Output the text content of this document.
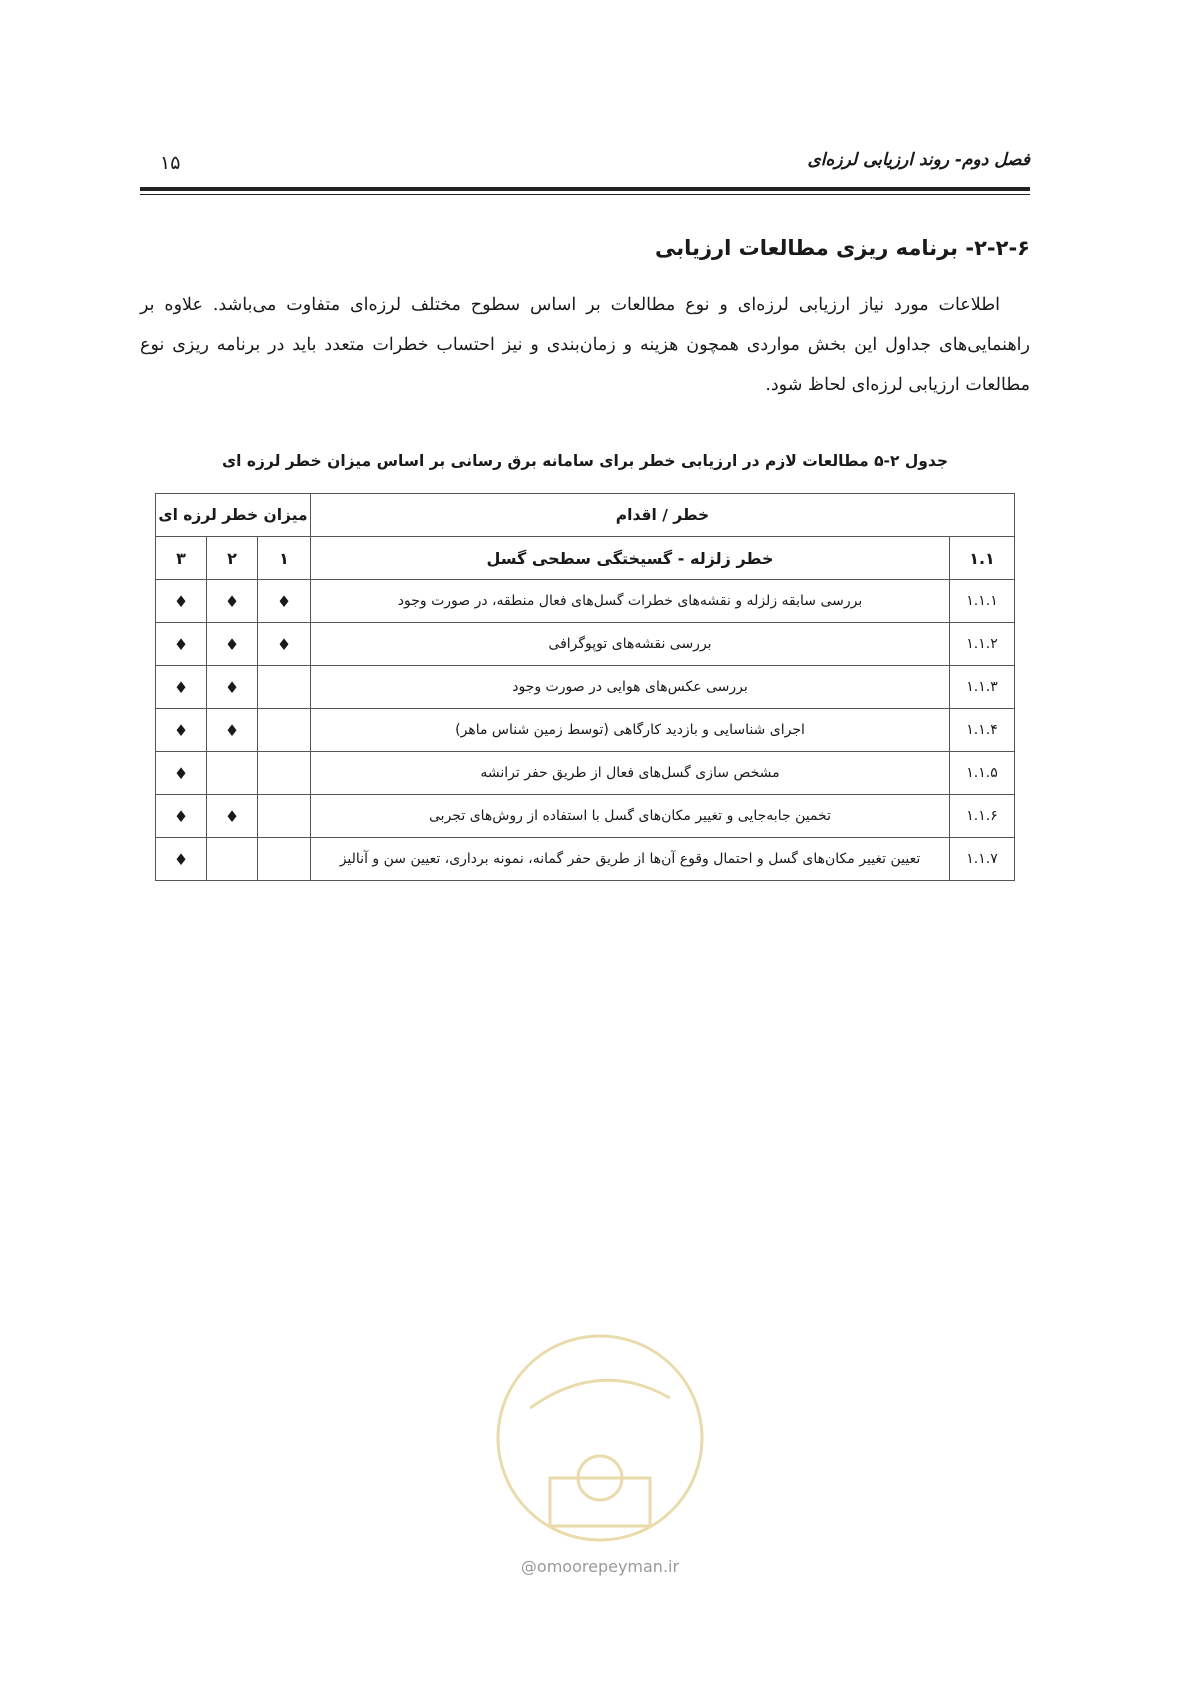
فصل دوم- روند ارزیابی لرزه‌ای
۱۵
۲-۲-۶- برنامه ریزی مطالعات ارزیابی
اطلاعات مورد نیاز ارزیابی لرزه‌ای و نوع مطالعات بر اساس سطوح مختلف لرزه‌ای متفاوت می‌باشد. علاوه بر راهنمایی‌های جداول این بخش مواردی همچون هزینه و زمان‌بندی و نیز احتساب خطرات متعدد باید در برنامه ریزی نوع مطالعات ارزیابی لرزه‌ای لحاظ شود.
جدول ۲-۵ مطالعات لازم در ارزیابی خطر برای سامانه برق رسانی بر اساس میزان خطر لرزه ای
خطر / اقدام		میزان خطر لرزه ای		
۱.۱	خطر زلزله - گسیختگی سطحی گسل	۱	۲	۳
۱.۱.۱	بررسی سابقه زلزله و نقشه‌های خطرات گسل‌های فعال منطقه، در صورت وجود	♦	♦	♦
۱.۱.۲	بررسی نقشه‌های توپوگرافی	♦	♦	♦
۱.۱.۳	بررسی عکس‌های هوایی در صورت وجود		♦	♦
۱.۱.۴	اجرای شناسایی و بازدید کارگاهی (توسط زمین شناس ماهر)		♦	♦
۱.۱.۵	مشخص سازی گسل‌های فعال از طریق حفر ترانشه			♦
۱.۱.۶	تخمین جابه‌جایی و تغییر مکان‌های گسل با استفاده از روش‌های تجربی		♦	♦
۱.۱.۷	تعیین تغییر مکان‌های گسل و احتمال وقوع آن‌ها از طریق حفر گمانه، نمونه برداری، تعیین سن و آنالیز			♦
@omoorepeyman.ir
